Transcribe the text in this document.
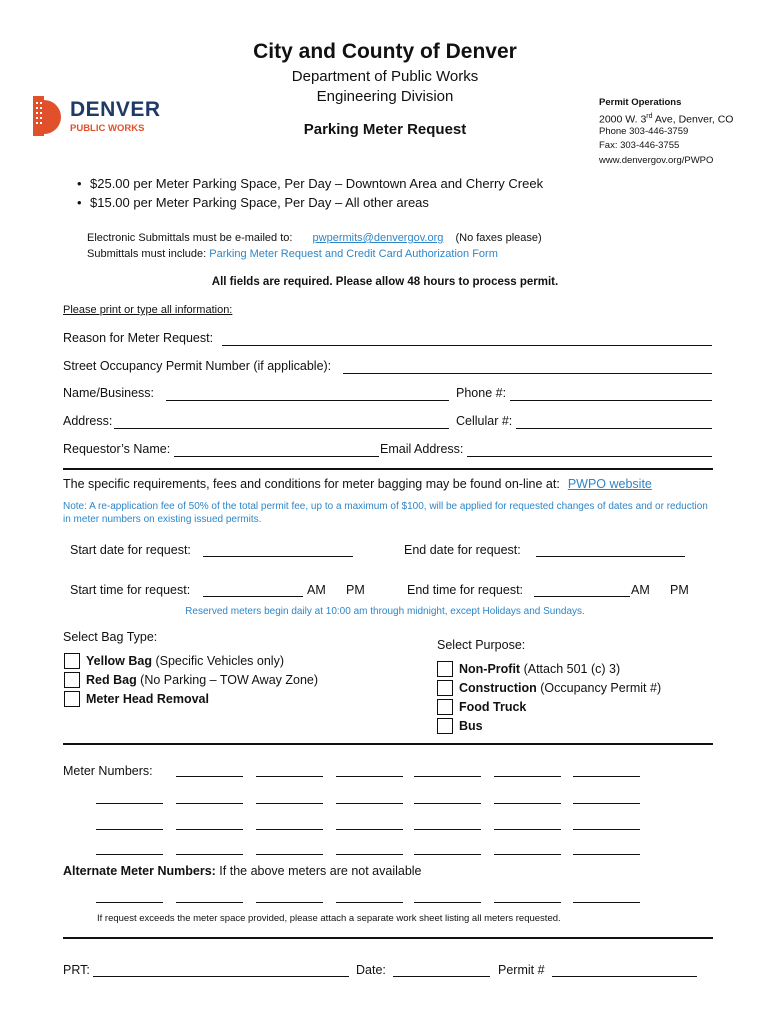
City and County of Denver
Department of Public Works
Engineering Division
Parking Meter Request
DENVER
PUBLIC WORKS
Permit Operations
2000 W. 3rd Ave, Denver, CO
Phone 303-446-3759
Fax: 303-446-3755
www.denvergov.org/PWPO
• $25.00 per Meter Parking Space, Per Day – Downtown Area and Cherry Creek
• $15.00 per Meter Parking Space, Per Day – All other areas
Electronic Submittals must be e-mailed to: pwpermits@denvergov.org (No faxes please)
Submittals must include: Parking Meter Request and Credit Card Authorization Form
All fields are required. Please allow 48 hours to process permit.
Please print or type all information:
Reason for Meter Request:
Street Occupancy Permit Number (if applicable):
Name/Business:	Phone #:
Address:	Cellular #:
Requestor’s Name:	Email Address:
The specific requirements, fees and conditions for meter bagging may be found on-line at: PWPO website
Note: A re-application fee of 50% of the total permit fee, up to a maximum of $100, will be applied for requested changes of dates and or reduction in meter numbers on existing issued permits.
Start date for request:	End date for request:
Start time for request:	AM PM	End time for request:	AM PM
Reserved meters begin daily at 10:00 am through midnight, except Holidays and Sundays.
Select Bag Type:
Yellow Bag (Specific Vehicles only)
Red Bag (No Parking – TOW Away Zone)
Meter Head Removal
Select Purpose:
Non-Profit (Attach 501 (c) 3)
Construction (Occupancy Permit #)
Food Truck
Bus
Meter Numbers:
Alternate Meter Numbers: If the above meters are not available
If request exceeds the meter space provided, please attach a separate work sheet listing all meters requested.
PRT:	Date:	Permit #
